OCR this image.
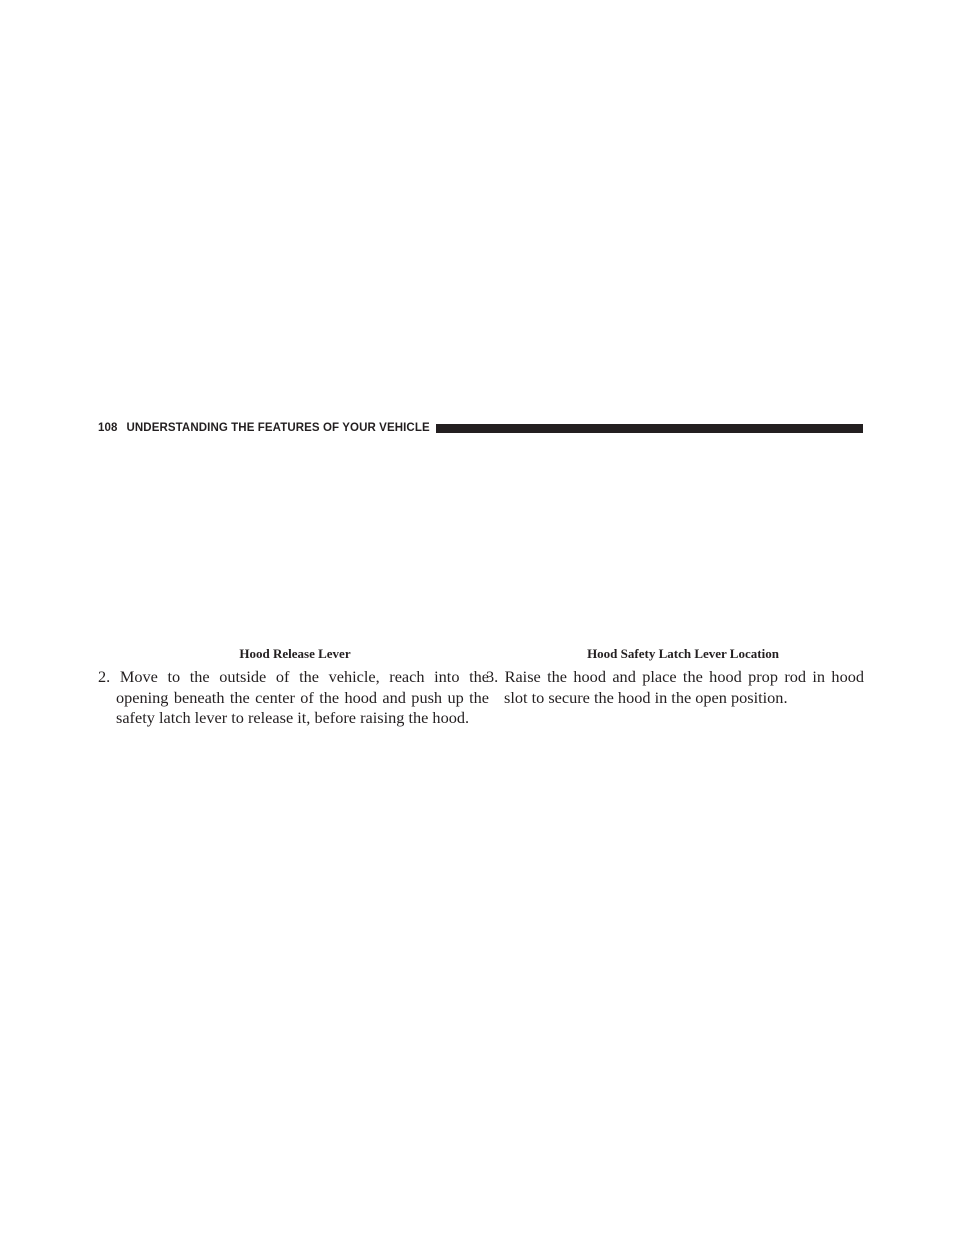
108 UNDERSTANDING THE FEATURES OF YOUR VEHICLE
Hood Release Lever	Hood Safety Latch Lever Location
2. Move to the outside of the vehicle, reach into the opening beneath the center of the hood and push up the safety latch lever to release it, before raising the hood.
3. Raise the hood and place the hood prop rod in hood slot to secure the hood in the open position.
